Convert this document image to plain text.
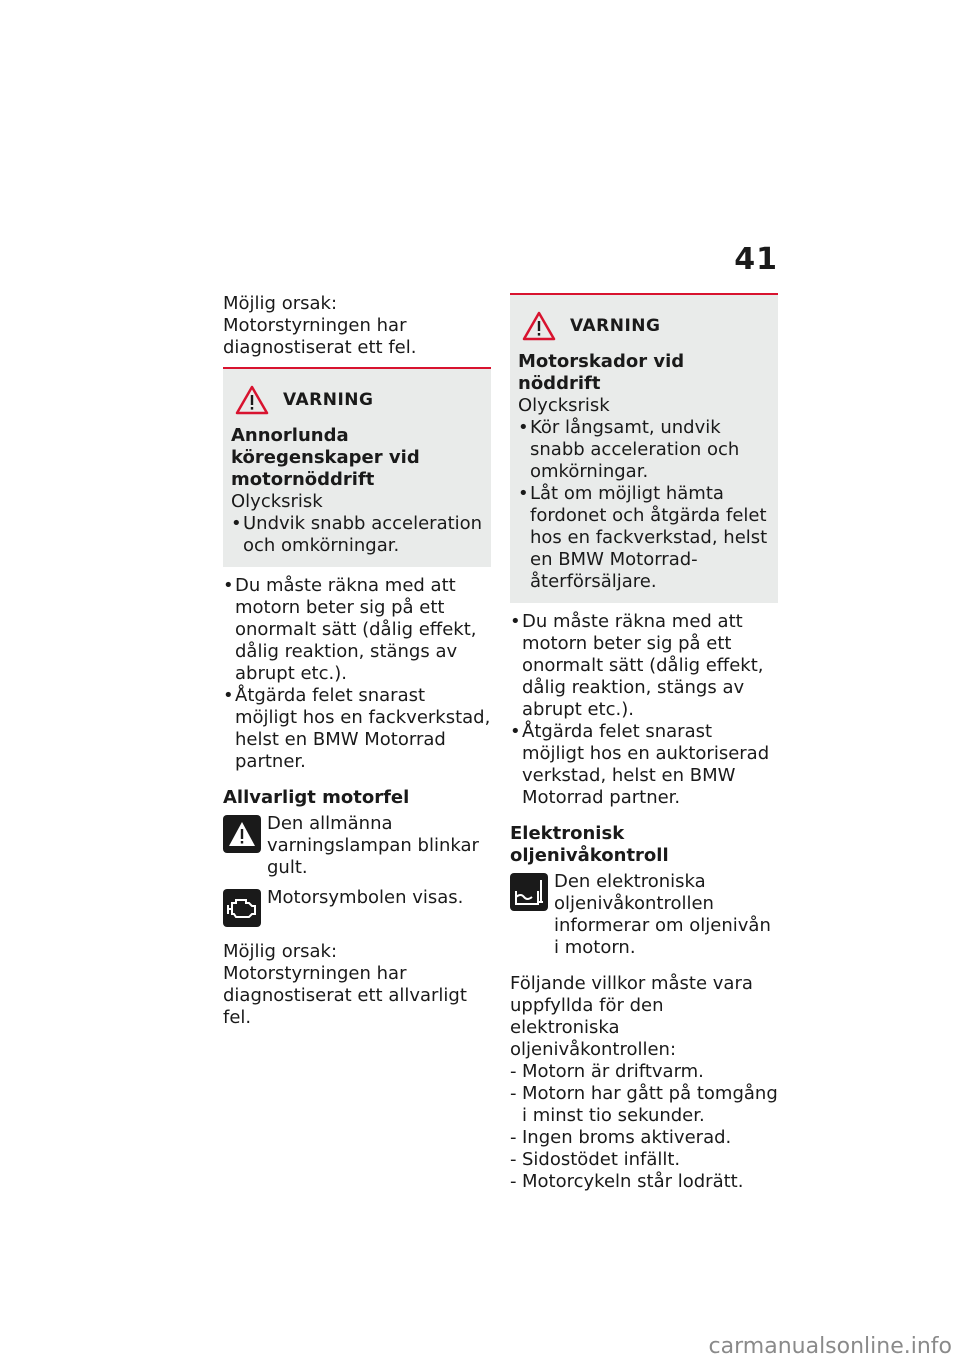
41

Möjlig orsak:

Motorstyrningen har diagnostiserat ett fel.

VARNING
Annorlunda köregenskaper vid motornöddrift
Olycksrisk
• Undvik snabb acceleration och omkörningar.
• Du måste räkna med att motorn beter sig på ett onormalt sätt (dålig effekt, dålig reaktion, stängs av abrupt etc.).
• Åtgärda felet snarast möjligt hos en fackverkstad, helst en BMW Motorrad partner.
Allvarligt motorfel
Den allmänna varningslampan blinkar gult.
Motorsymbolen visas.

Möjlig orsak:

Motorstyrningen har diagnostiserat ett allvarligt fel.

VARNING
Motorskador vid nöddrift
Olycksrisk
• Kör långsamt, undvik snabb acceleration och omkörningar.
• Låt om möjligt hämta fordonet och åtgärda felet hos en fackverkstad, helst en BMW Motorrad-återförsäljare.
• Du måste räkna med att motorn beter sig på ett onormalt sätt (dålig effekt, dålig reaktion, stängs av abrupt etc.).
• Åtgärda felet snarast möjligt hos en auktoriserad verkstad, helst en BMW Motorrad partner.
Elektronisk oljenivåkontroll
Den elektroniska oljenivåkontrollen informerar om oljenivån i motorn.

Följande villkor måste vara uppfyllda för den elektroniska oljenivåkontrollen:

- Motorn är driftvarm.
- Motorn har gått på tomgång i minst tio sekunder.
- Ingen broms aktiverad.
- Sidostödet infällt.
- Motorcykeln står lodrätt.
carmanualsonline.info
